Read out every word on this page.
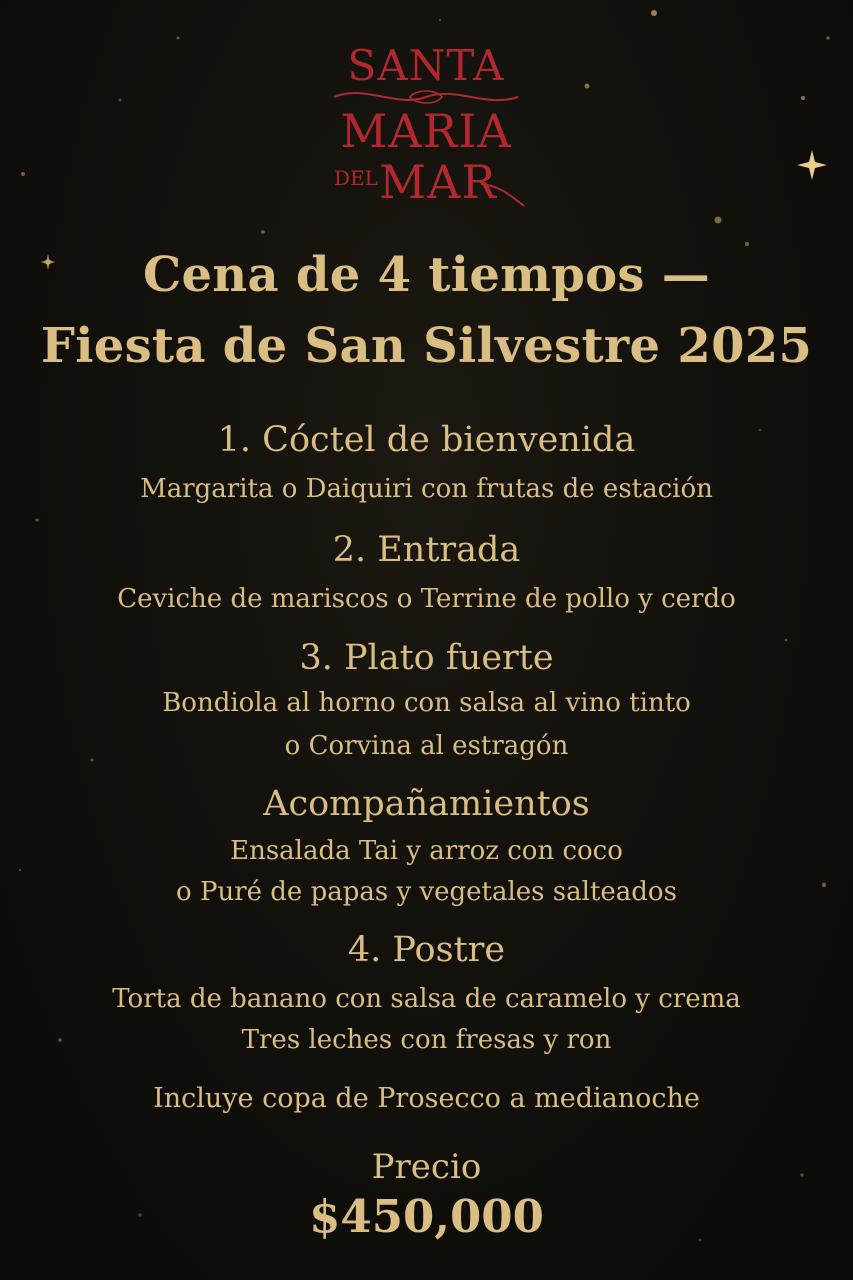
SANTA
MARIA
DEL MAR
Cena de 4 tiempos —
Fiesta de San Silvestre 2025
1. Cóctel de bienvenida
Margarita o Daiquiri con frutas de estación
2. Entrada
Ceviche de mariscos o Terrine de pollo y cerdo
3. Plato fuerte
Bondiola al horno con salsa al vino tinto
o Corvina al estragón
Acompañamientos
Ensalada Tai y arroz con coco
o Puré de papas y vegetales salteados
4. Postre
Torta de banano con salsa de caramelo y crema
Tres leches con fresas y ron
Incluye copa de Prosecco a medianoche
Precio
$450,000
